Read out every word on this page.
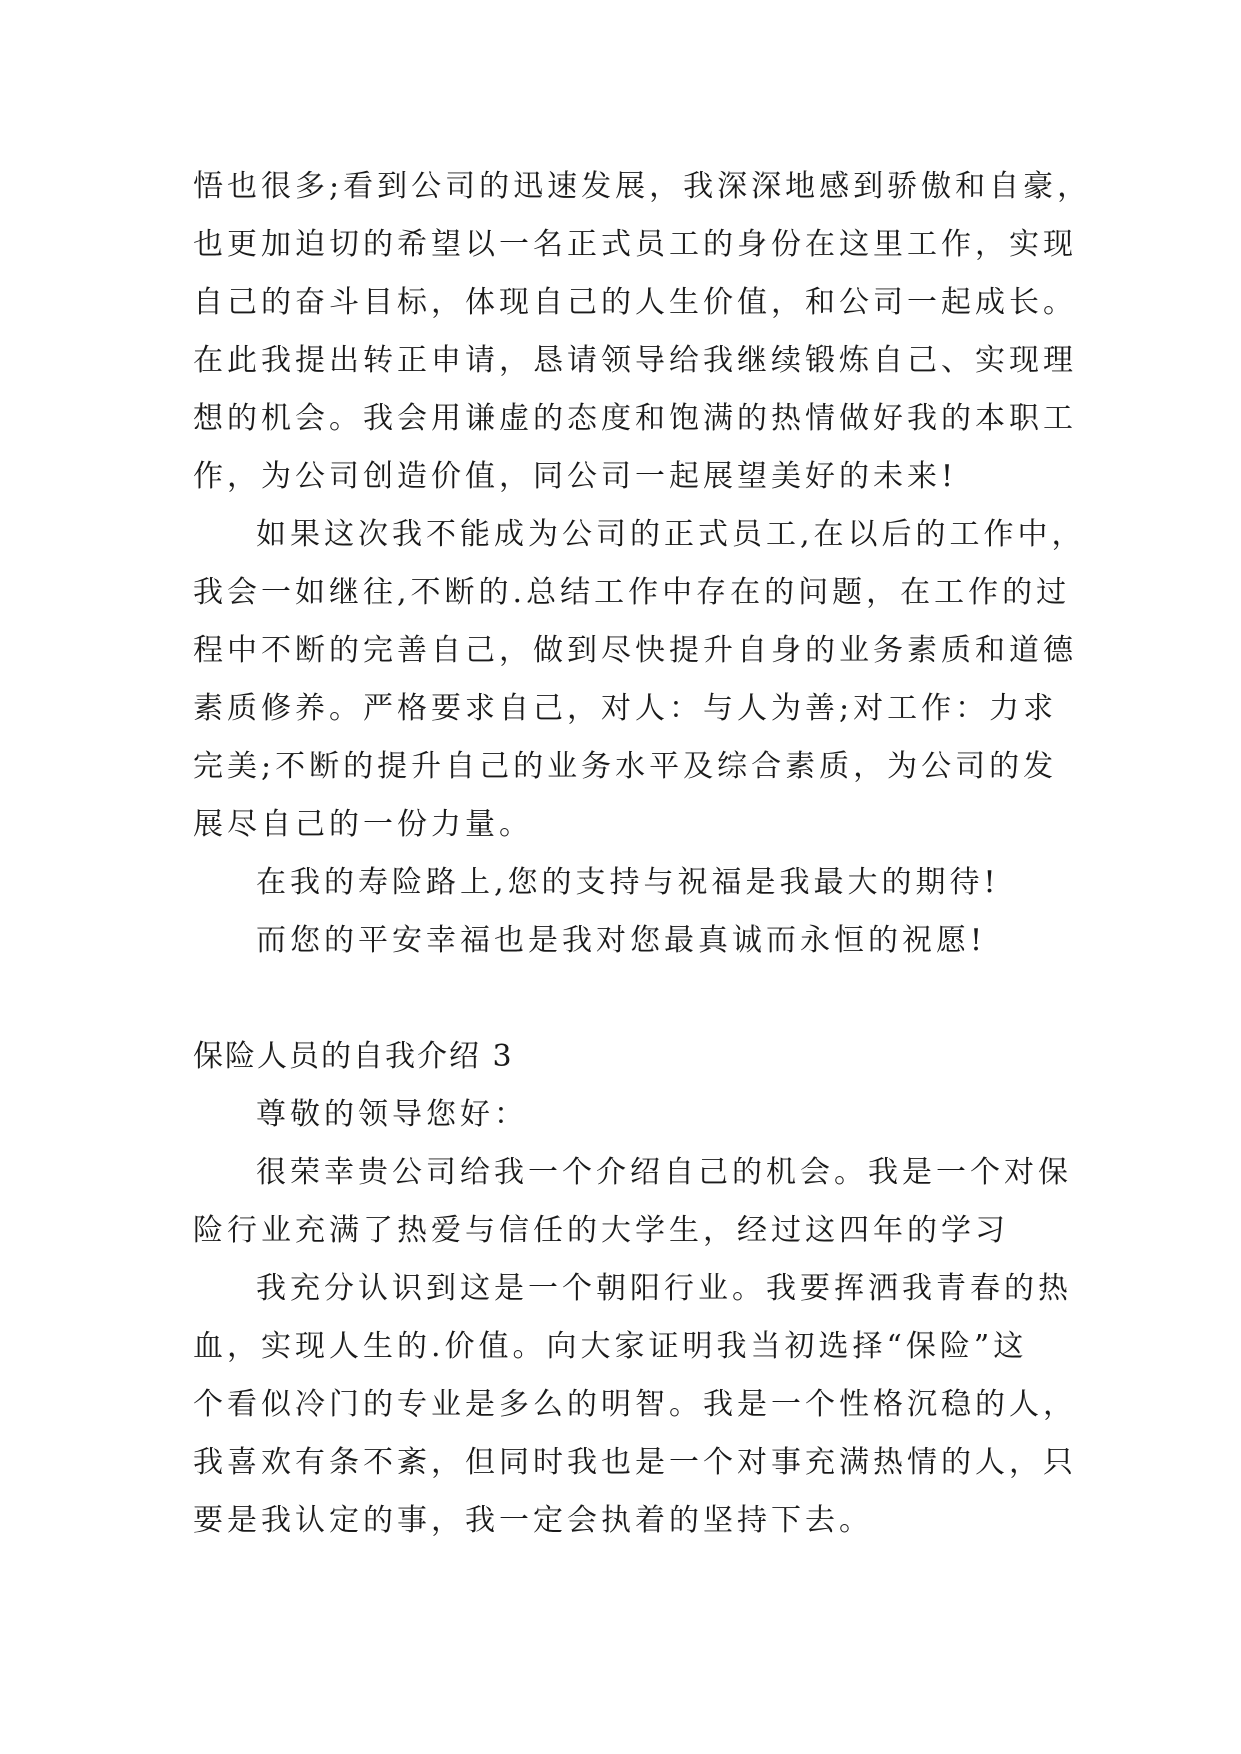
悟也很多;看到公司的迅速发展，我深深地感到骄傲和自豪，
也更加迫切的希望以一名正式员工的身份在这里工作，实现
自己的奋斗目标，体现自己的人生价值，和公司一起成长。
在此我提出转正申请，恳请领导给我继续锻炼自己、实现理
想的机会。我会用谦虚的态度和饱满的热情做好我的本职工
作，为公司创造价值，同公司一起展望美好的未来!
如果这次我不能成为公司的正式员工,在以后的工作中，
我会一如继往,不断的.总结工作中存在的问题，在工作的过
程中不断的完善自己，做到尽快提升自身的业务素质和道德
素质修养。严格要求自己，对人：与人为善;对工作：力求
完美;不断的提升自己的业务水平及综合素质，为公司的发
展尽自己的一份力量。
在我的寿险路上,您的支持与祝福是我最大的期待!
而您的平安幸福也是我对您最真诚而永恒的祝愿!
保险人员的自我介绍 3
尊敬的领导您好：
很荣幸贵公司给我一个介绍自己的机会。我是一个对保
险行业充满了热爱与信任的大学生，经过这四年的学习
我充分认识到这是一个朝阳行业。我要挥洒我青春的热
血，实现人生的.价值。向大家证明我当初选择“保险”这
个看似冷门的专业是多么的明智。我是一个性格沉稳的人，
我喜欢有条不紊，但同时我也是一个对事充满热情的人，只
要是我认定的事，我一定会执着的坚持下去。
